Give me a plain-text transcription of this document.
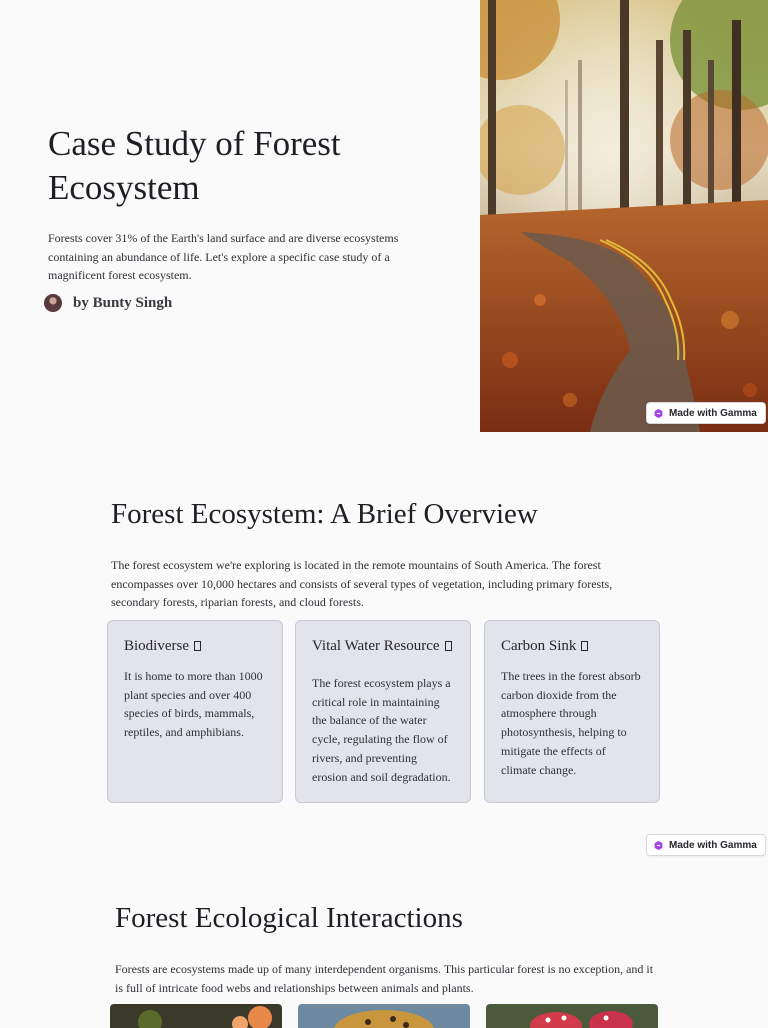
Case Study of Forest Ecosystem

Forests cover 31% of the Earth's land surface and are diverse ecosystems containing an abundance of life. Let's explore a specific case study of a magnificent forest ecosystem.

by Bunty Singh
Made with Gamma
Forest Ecosystem: A Brief Overview

The forest ecosystem we're exploring is located in the remote mountains of South America. The forest encompasses over 10,000 hectares and consists of several types of vegetation, including primary forests, secondary forests, riparian forests, and cloud forests.

Biodiverse

It is home to more than 1000 plant species and over 400 species of birds, mammals, reptiles, and amphibians.

Vital Water Resource

The forest ecosystem plays a critical role in maintaining the balance of the water cycle, regulating the flow of rivers, and preventing erosion and soil degradation.

Carbon Sink

The trees in the forest absorb carbon dioxide from the atmosphere through photosynthesis, helping to mitigate the effects of climate change.

Made with Gamma
Forest Ecological Interactions

Forests are ecosystems made up of many interdependent organisms. This particular forest is no exception, and it is full of intricate food webs and relationships between animals and plants.
